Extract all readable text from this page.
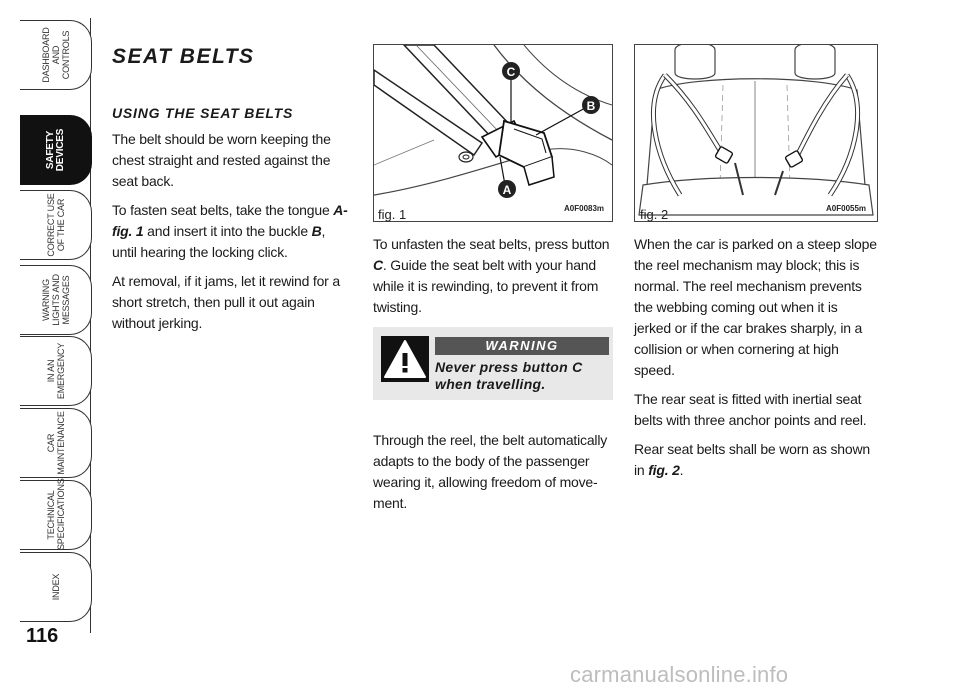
DASHBOARD
AND
CONTROLS
SAFETY
DEVICES
CORRECT USE
OF THE CAR
WARNING
LIGHTS AND
MESSAGES
IN AN
EMERGENCY
CAR
MAINTENANCE
TECHNICAL
SPECIFICATIONS
INDEX
116
SEAT BELTS
USING THE SEAT BELTS

The belt should be worn keeping the chest straight and rested against the seat back.

To fasten seat belts, take the tongue A-fig. 1 and insert it into the buckle B, until hearing the locking click.

At removal, if it jams, let it rewind for a short stretch, then pull it out again without jerking.

C
B
A
fig. 1	A0F0083m	fig. 2	A0F0055m

To unfasten the seat belts, press button C. Guide the seat belt with your hand while it is rewinding, to prevent it from twisting.

WARNING
Never press button C when travelling.

Through the reel, the belt automatically adapts to the body of the passenger wearing it, allowing freedom of move-ment.

When the car is parked on a steep slope the reel mechanism may block; this is normal. The reel mechanism prevents the webbing coming out when it is jerked or if the car brakes sharply, in a collision or when cornering at high speed.

The rear seat is fitted with inertial seat belts with three anchor points and reel.

Rear seat belts shall be worn as shown in fig. 2.

carmanualsonline.info
